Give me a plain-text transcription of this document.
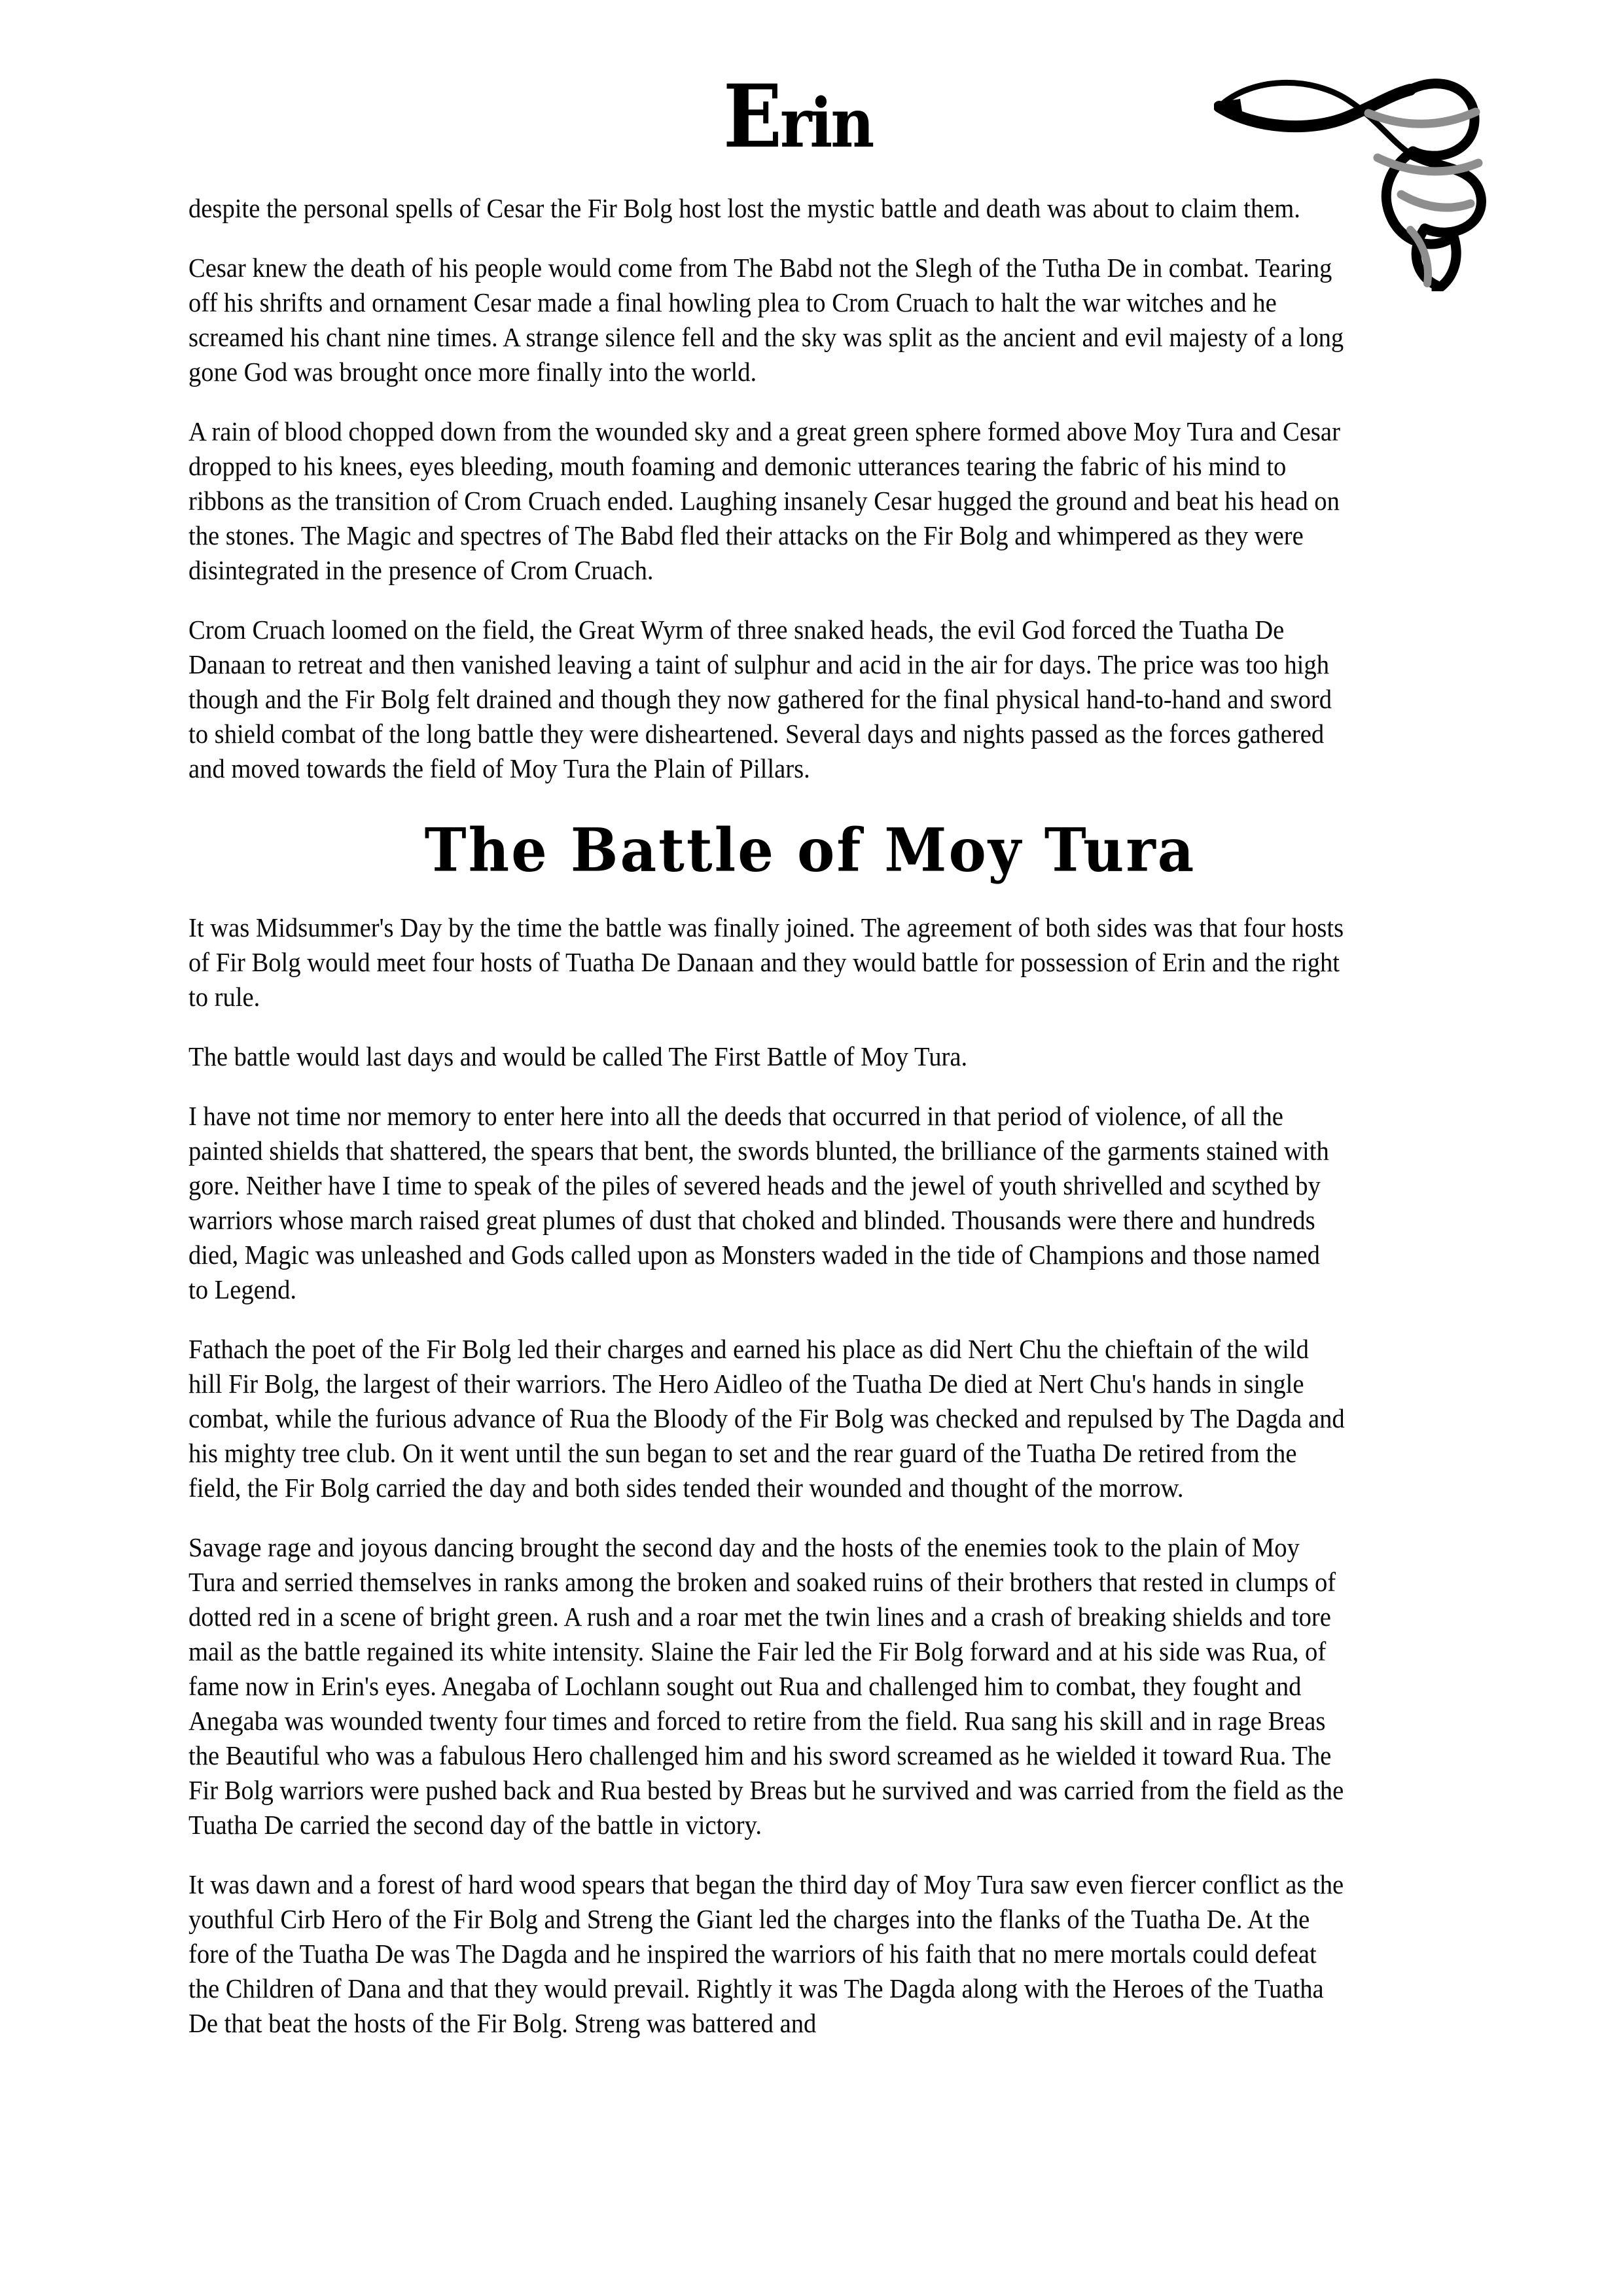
Erin

despite the personal spells of Cesar the Fir Bolg host lost the mystic battle and death was about to claim them.

Cesar knew the death of his people would come from The Babd not the Slegh of the Tutha De in combat. Tearing off his shrifts and ornament Cesar made a final howling plea to Crom Cruach to halt the war witches and he screamed his chant nine times. A strange silence fell and the sky was split as the ancient and evil majesty of a long gone God was brought once more finally into the world.

A rain of blood chopped down from the wounded sky and a great green sphere formed above Moy Tura and Cesar dropped to his knees, eyes bleeding, mouth foaming and demonic utterances tearing the fabric of his mind to ribbons as the transition of Crom Cruach ended. Laughing insanely Cesar hugged the ground and beat his head on the stones. The Magic and spectres of The Babd fled their attacks on the Fir Bolg and whimpered as they were disintegrated in the presence of Crom Cruach.

Crom Cruach loomed on the field, the Great Wyrm of three snaked heads, the evil God forced the Tuatha De Danaan to retreat and then vanished leaving a taint of sulphur and acid in the air for days. The price was too high though and the Fir Bolg felt drained and though they now gathered for the final physical hand-to-hand and sword to shield combat of the long battle they were disheartened. Several days and nights passed as the forces gathered and moved towards the field of Moy Tura the Plain of Pillars.

The Battle of Moy Tura

It was Midsummer's Day by the time the battle was finally joined. The agreement of both sides was that four hosts of Fir Bolg would meet four hosts of Tuatha De Danaan and they would battle for possession of Erin and the right to rule.

The battle would last days and would be called The First Battle of Moy Tura.

I have not time nor memory to enter here into all the deeds that occurred in that period of violence, of all the painted shields that shattered, the spears that bent, the swords blunted, the brilliance of the garments stained with gore. Neither have I time to speak of the piles of severed heads and the jewel of youth shrivelled and scythed by warriors whose march raised great plumes of dust that choked and blinded. Thousands were there and hundreds died, Magic was unleashed and Gods called upon as Monsters waded in the tide of Champions and those named to Legend.

Fathach the poet of the Fir Bolg led their charges and earned his place as did Nert Chu the chieftain of the wild hill Fir Bolg, the largest of their warriors. The Hero Aidleo of the Tuatha De died at Nert Chu's hands in single combat, while the furious advance of Rua the Bloody of the Fir Bolg was checked and repulsed by The Dagda and his mighty tree club. On it went until the sun began to set and the rear guard of the Tuatha De retired from the field, the Fir Bolg carried the day and both sides tended their wounded and thought of the morrow.

Savage rage and joyous dancing brought the second day and the hosts of the enemies took to the plain of Moy Tura and serried themselves in ranks among the broken and soaked ruins of their brothers that rested in clumps of dotted red in a scene of bright green. A rush and a roar met the twin lines and a crash of breaking shields and tore mail as the battle regained its white intensity. Slaine the Fair led the Fir Bolg forward and at his side was Rua, of fame now in Erin's eyes. Anegaba of Lochlann sought out Rua and challenged him to combat, they fought and Anegaba was wounded twenty four times and forced to retire from the field. Rua sang his skill and in rage Breas the Beautiful who was a fabulous Hero challenged him and his sword screamed as he wielded it toward Rua. The Fir Bolg warriors were pushed back and Rua bested by Breas but he survived and was carried from the field as the Tuatha De carried the second day of the battle in victory.

It was dawn and a forest of hard wood spears that began the third day of Moy Tura saw even fiercer conflict as the youthful Cirb Hero of the Fir Bolg and Streng the Giant led the charges into the flanks of the Tuatha De. At the fore of the Tuatha De was The Dagda and he inspired the warriors of his faith that no mere mortals could defeat the Children of Dana and that they would prevail. Rightly it was The Dagda along with the Heroes of the Tuatha De that beat the hosts of the Fir Bolg. Streng was battered and
